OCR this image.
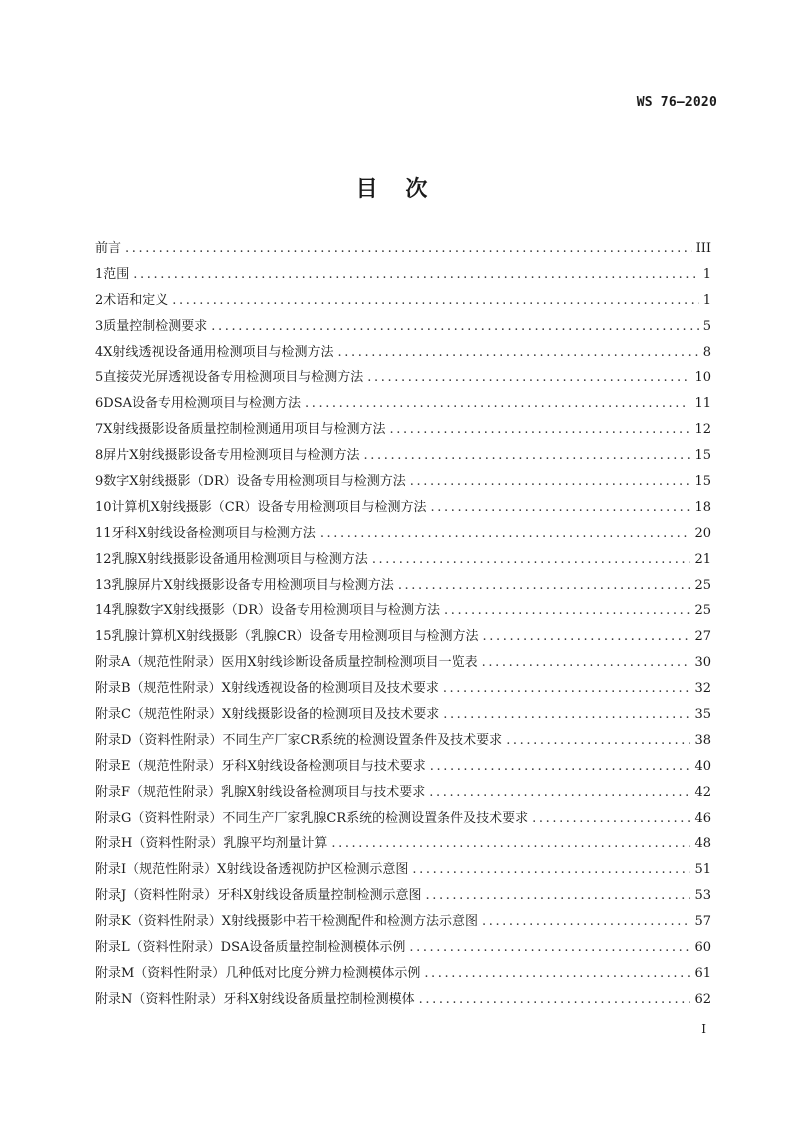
WS 76—2020
目 次
前言 .....	III
1 范围 .....	1
2 术语和定义 .....	1
3 质量控制检测要求 .....	5
4 X射线透视设备通用检测项目与检测方法 .....	8
5 直接荧光屏透视设备专用检测项目与检测方法 .....	10
6 DSA设备专用检测项目与检测方法 .....	11
7 X射线摄影设备质量控制检测通用项目与检测方法 .....	12
8 屏片X射线摄影设备专用检测项目与检测方法 .....	15
9 数字X射线摄影（DR）设备专用检测项目与检测方法 .....	15
10 计算机X射线摄影（CR）设备专用检测项目与检测方法 .....	18
11 牙科X射线设备检测项目与检测方法 .....	20
12 乳腺X射线摄影设备通用检测项目与检测方法 .....	21
13 乳腺屏片X射线摄影设备专用检测项目与检测方法 .....	25
14 乳腺数字X射线摄影（DR）设备专用检测项目与检测方法 .....	25
15 乳腺计算机X射线摄影（乳腺CR）设备专用检测项目与检测方法 .....	27
附录A（规范性附录） 医用X射线诊断设备质量控制检测项目一览表 .....	30
附录B（规范性附录） X射线透视设备的检测项目及技术要求 .....	32
附录C（规范性附录） X射线摄影设备的检测项目及技术要求 .....	35
附录D（资料性附录） 不同生产厂家CR系统的检测设置条件及技术要求 .....	38
附录E（规范性附录） 牙科X射线设备检测项目与技术要求 .....	40
附录F（规范性附录） 乳腺X射线设备检测项目与技术要求 .....	42
附录G（资料性附录） 不同生产厂家乳腺CR系统的检测设置条件及技术要求 .....	46
附录H（资料性附录） 乳腺平均剂量计算 .....	48
附录I（规范性附录） X射线设备透视防护区检测示意图 .....	51
附录J（资料性附录） 牙科X射线设备质量控制检测示意图 .....	53
附录K（资料性附录） X射线摄影中若干检测配件和检测方法示意图 .....	57
附录L（资料性附录） DSA设备质量控制检测模体示例 .....	60
附录M（资料性附录） 几种低对比度分辨力检测模体示例 .....	61
附录N（资料性附录） 牙科X射线设备质量控制检测模体 .....	62
I
